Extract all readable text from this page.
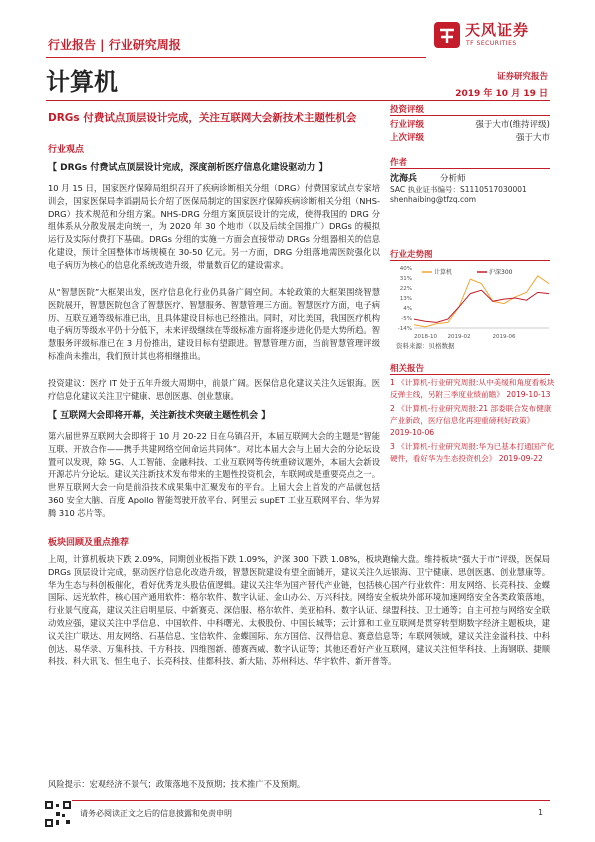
行业报告 | 行业研究周报
天风证券
TF SECURITIES
计算机	证券研究报告
2019 年 10 月 19 日
DRGs 付费试点顶层设计完成，关注互联网大会新技术主题性机会
投资评级
行业评级	强于大市(维持评级)
上次评级	强于大市
作者
沈海兵	分析师
SAC 执业证书编号：S1110517030001
shenhaibing@tfzq.com
行业走势图
-14%
-5%
4%
13%
22%
31%
40%
2018-10 2019-02	2019-06
计算机	沪深300
资料来源：贝格数据
相关报告
1 《计算机-行业研究周报:从中美缓和角度看板块反弹主线，另附三季度业绩前瞻》 2019-10-13
2 《计算机-行业研究周报:21 部委联合发布健康产业新政，医疗信息化再迎重磅利好政策》 2019-10-06
3 《计算机-行业研究周报:华为已基本打通国产化硬件，看好华为生态投资机会》 2019-09-22
行业观点
【 DRGs 付费试点顶层设计完成，深度剖析医疗信息化建设驱动力 】
10 月 15 日，国家医疗保障局组织召开了疾病诊断相关分组（DRG）付费国家试点专家培训会，国家医保局李滔副局长介绍了医保局制定的国家医疗保障疾病诊断相关分组（NHS-DRG）技术规范和分组方案。NHS-DRG 分组方案顶层设计的完成，使得我国的 DRG 分组体系从分散发展走向统一，为 2020 年 30 个地市（以及后续全国推广）DRGs 的模拟运行及实际付费打下基础。DRGs 分组的实施一方面会直接带动 DRGs 分组器相关的信息化建设，预计全国整体市场规模在 30-50 亿元。另一方面，DRG 分组落地需医院强化以电子病历为核心的信息化系统改造升级，带量数百亿的建设需求。
从“智慧医院”大框架出发，医疗信息化行业仍具备广阔空间。本轮政策的大框架围绕智慧医院展开，智慧医院包含了智慧医疗、智慧服务、智慧管理三方面。智慧医疗方面，电子病历、互联互通等级标准已出，且具体建设目标也已经推出。同时，对比美国，我国医疗机构电子病历等级水平仍十分低下，未来评级继续在等级标准方面将逐步进化仍是大势所趋。智慧服务评级标准已在 3 月份推出，建设目标有望跟进。智慧管理方面，当前智慧管理评级标准尚未推出，我们预计其也将相继推出。
投资建议：医疗 IT 处于五年升级大周期中，前景广阔。医保信息化建议关注久远银海。医疗信息化建议关注卫宁健康、思创医惠、创业慧康。
【 互联网大会即将开幕，关注新技术突破主题性机会 】
第六届世界互联网大会即将于 10 月 20-22 日在乌镇召开，本届互联网大会的主题是“智能互联、开放合作——携手共建网络空间命运共同体”。对比本届大会与上届大会的分论坛设置可以发现，除 5G、人工智能、金融科技、工业互联网等传统重磅议题外，本届大会新设开源芯片分论坛。建议关注新技术发布带来的主题性投资机会，车联网或是重要亮点之一。世界互联网大会一向是前沿技术成果集中汇聚发布的平台。上届大会上首发的产品就包括 360 安全大脑、百度 Apollo 智能驾驶开放平台、阿里云 supET 工业互联网平台、华为昇腾 310 芯片等。
板块回顾及重点推荐
上周，计算机板块下跌 2.09%，同期创业板指下跌 1.09%，沪深 300 下跌 1.08%，板块跑输大盘。维持板块“强大于市”评级，医保局 DRGs 顶层设计完成，驱动医疗信息化改造升级，智慧医院建设有望全面铺开，建议关注久远银海、卫宁健康、思创医惠、创业慧康等。华为生态与科创板催化，看好优秀龙头股估值逻辑。建议关注华为国产替代产业链，包括核心国产行业软件：用友网络、长亮科技、金蝶国际、远光软件，核心国产通用软件：格尔软件、数字认证、金山办公、万兴科技。网络安全板块外部环境加速网络安全各类政策落地，行业景气度高，建议关注启明星辰、中新赛克、深信服、格尔软件、美亚柏科、数字认证、绿盟科技、卫士通等；自主可控与网络安全联动效应强，建议关注中孚信息、中国软件、中科曙光、太极股份、中国长城等；云计算和工业互联网是贯穿转型期数字经济主题板块，建议关注广联达、用友网络、石基信息、宝信软件、金蝶国际、东方国信、汉得信息、赛意信息等；车联网领域，建议关注金溢科技、中科创达、易华录、万集科技、千方科技、四维图新、德赛西威、数字认证等；其他还看好产业互联网，建议关注恒华科技、上海钢联、捷顺科技、科大讯飞、恒生电子、长亮科技、佳都科技、新大陆、苏州科达、华宇软件、新开普等。
风险提示：宏观经济不景气；政策落地不及预期；技术推广不及预期。
请务必阅读正文之后的信息披露和免责申明	1
